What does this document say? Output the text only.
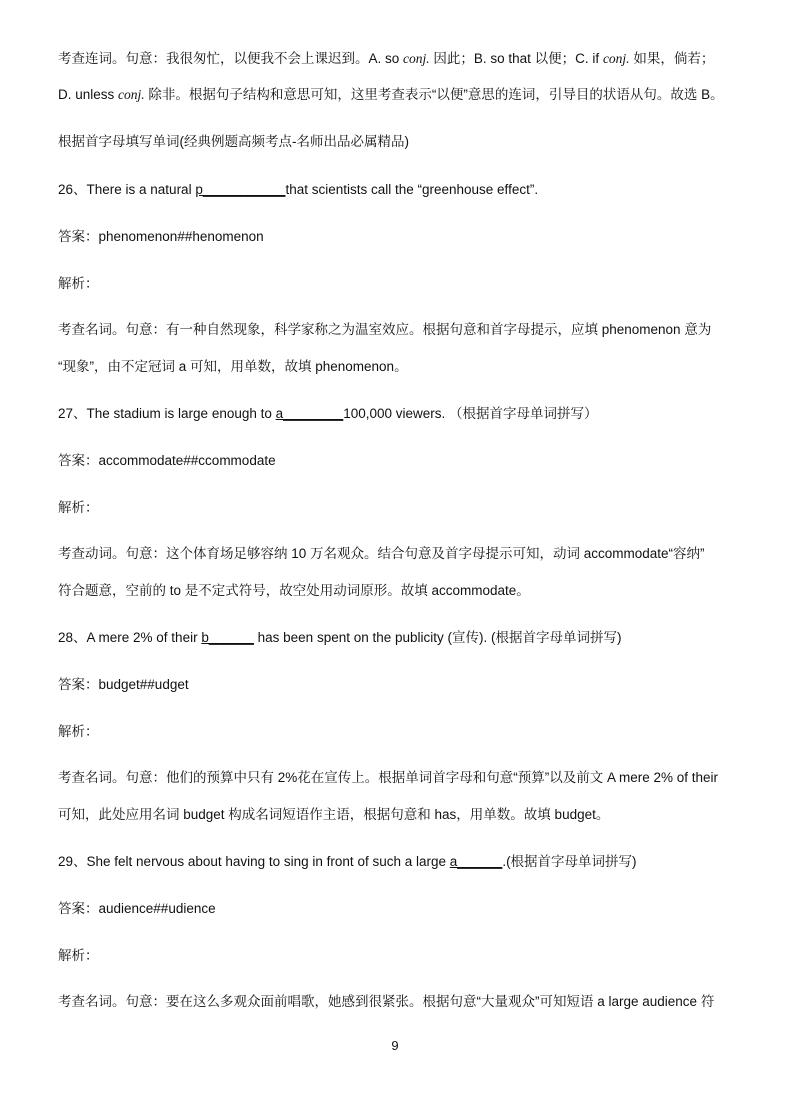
考查连词。句意：我很匆忙，以便我不会上课迟到。A. so conj. 因此；B. so that 以便；C. if conj. 如果，倘若；
D. unless conj. 除非。根据句子结构和意思可知，这里考查表示“以便”意思的连词，引导目的状语从句。故选 B。
根据首字母填写单词(经典例题高频考点-名师出品必属精品)
26、There is a natural p___________that scientists call the “greenhouse effect”.
答案：phenomenon##henomenon
解析：
考查名词。句意：有一种自然现象，科学家称之为温室效应。根据句意和首字母提示，应填 phenomenon 意为
“现象”，由不定冠词 a 可知，用单数，故填 phenomenon。
27、The stadium is large enough to a________100,000 viewers. （根据首字母单词拼写）
答案：accommodate##ccommodate
解析：
考查动词。句意：这个体育场足够容纳 10 万名观众。结合句意及首字母提示可知，动词 accommodate“容纳”
符合题意，空前的 to 是不定式符号，故空处用动词原形。故填 accommodate。
28、A mere 2% of their b______ has been spent on the publicity (宣传). (根据首字母单词拼写)
答案：budget##udget
解析：
考查名词。句意：他们的预算中只有 2%花在宣传上。根据单词首字母和句意“预算”以及前文 A mere 2% of their
可知，此处应用名词 budget 构成名词短语作主语，根据句意和 has，用单数。故填 budget。
29、She felt nervous about having to sing in front of such a large a______.(根据首字母单词拼写)
答案：audience##udience
解析：
考查名词。句意：要在这么多观众面前唱歌，她感到很紧张。根据句意“大量观众”可知短语 a large audience 符
9
